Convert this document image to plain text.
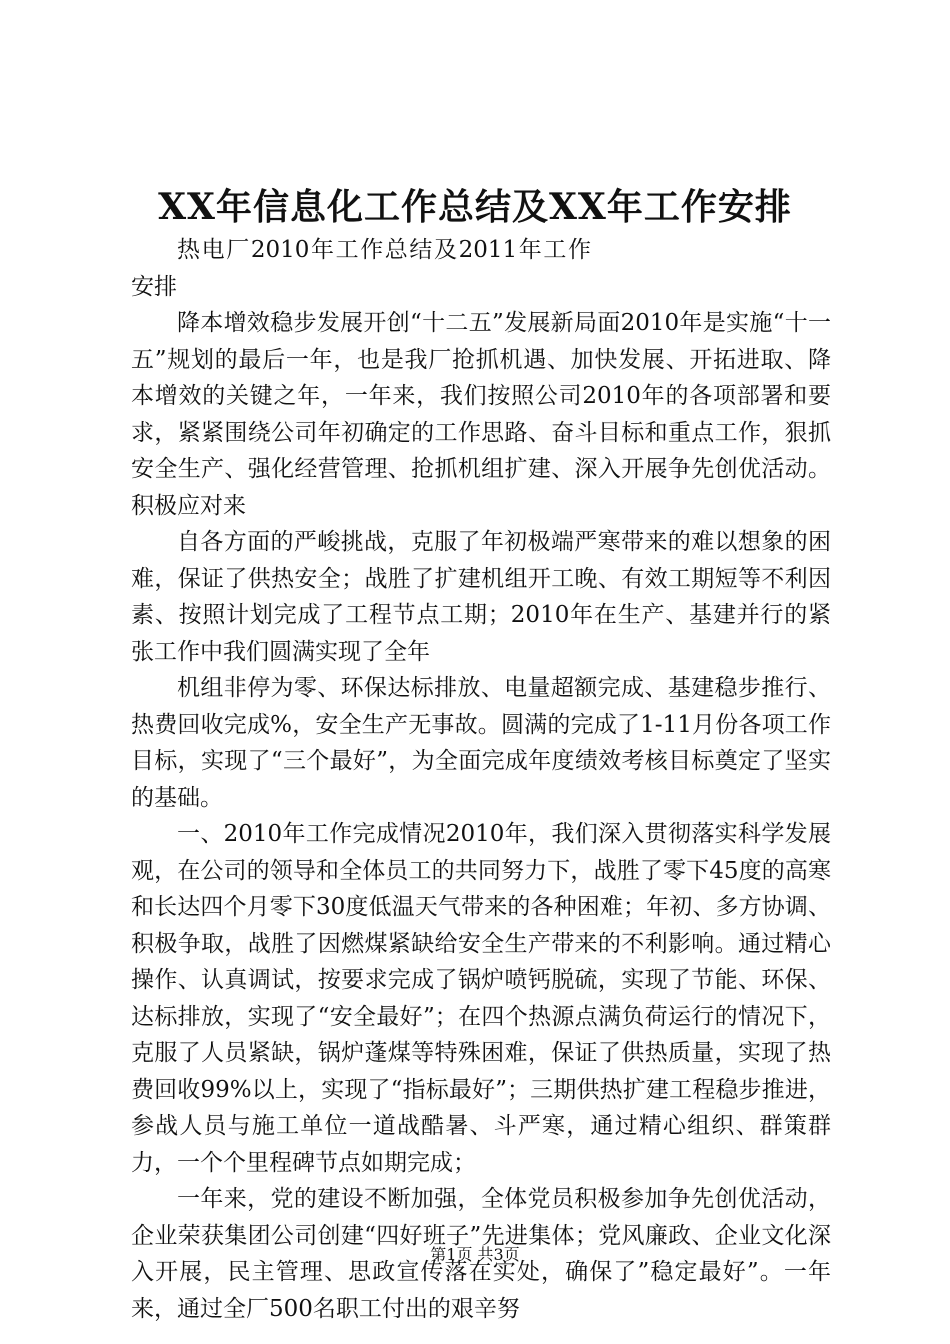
XX年信息化工作总结及XX年工作安排

热电厂2010年工作总结及2011年工作安排

降本增效稳步发展开创“十二五”发展新局面2010年是实施“十一五”规划的最后一年，也是我厂抢抓机遇、加快发展、开拓进取、降本增效的关键之年，一年来，我们按照公司2010年的各项部署和要求，紧紧围绕公司年初确定的工作思路、奋斗目标和重点工作，狠抓安全生产、强化经营管理、抢抓机组扩建、深入开展争先创优活动。积极应对来

自各方面的严峻挑战，克服了年初极端严寒带来的难以想象的困难，保证了供热安全；战胜了扩建机组开工晚、有效工期短等不利因素、按照计划完成了工程节点工期；2010年在生产、基建并行的紧张工作中我们圆满实现了全年

机组非停为零、环保达标排放、电量超额完成、基建稳步推行、热费回收完成%，安全生产无事故。圆满的完成了1-11月份各项工作目标，实现了“三个最好”，为全面完成年度绩效考核目标奠定了坚实的基础。

一、2010年工作完成情况2010年，我们深入贯彻落实科学发展观，在公司的领导和全体员工的共同努力下，战胜了零下45度的高寒和长达四个月零下30度低温天气带来的各种困难；年初、多方协调、积极争取，战胜了因燃煤紧缺给安全生产带来的不利影响。通过精心操作、认真调试，按要求完成了锅炉喷钙脱硫，实现了节能、环保、达标排放，实现了“安全最好”；在四个热源点满负荷运行的情况下，克服了人员紧缺，锅炉蓬煤等特殊困难，保证了供热质量，实现了热费回收99%以上，实现了“指标最好”；三期供热扩建工程稳步推进，参战人员与施工单位一道战酷暑、斗严寒，通过精心组织、群策群力，一个个里程碑节点如期完成；

一年来，党的建设不断加强，全体党员积极参加争先创优活动，企业荣获集团公司创建“四好班子”先进集体；党风廉政、企业文化深入开展，民主管理、思政宣传落在实处，确保了”稳定最好”。一年来，通过全厂500名职工付出的艰辛努

第1页 共3页
